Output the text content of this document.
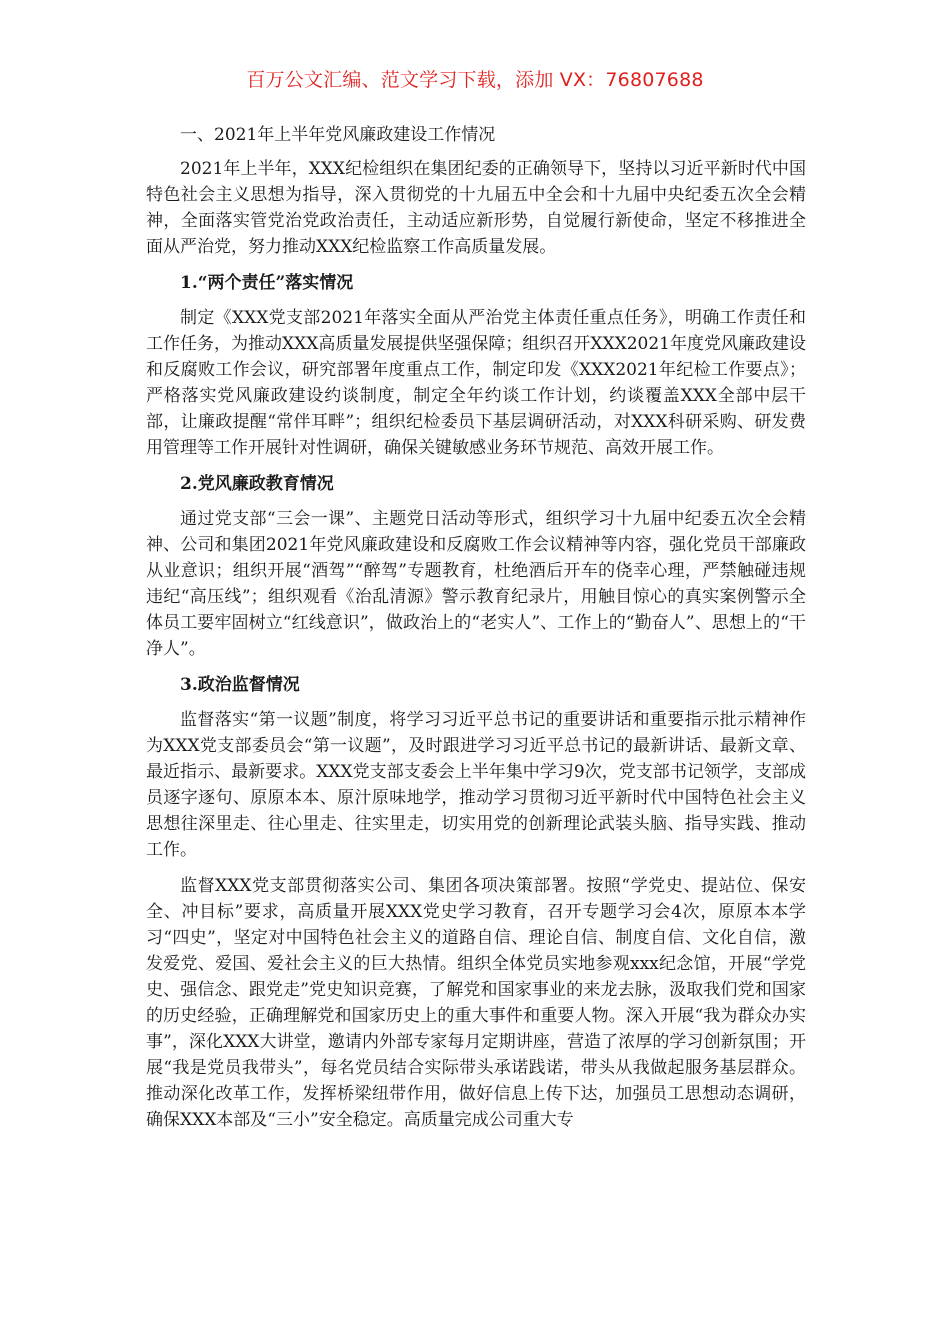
百万公文汇编、范文学习下载，添加 VX：76807688

一、2021年上半年党风廉政建设工作情况

2021年上半年，XXX纪检组织在集团纪委的正确领导下，坚持以习近平新时代中国特色社会主义思想为指导，深入贯彻党的十九届五中全会和十九届中央纪委五次全会精神，全面落实管党治党政治责任，主动适应新形势，自觉履行新使命，坚定不移推进全面从严治党，努力推动XXX纪检监察工作高质量发展。

1.“两个责任”落实情况

制定《XXX党支部2021年落实全面从严治党主体责任重点任务》，明确工作责任和工作任务，为推动XXX高质量发展提供坚强保障；组织召开XXX2021年度党风廉政建设和反腐败工作会议，研究部署年度重点工作，制定印发《XXX2021年纪检工作要点》；严格落实党风廉政建设约谈制度，制定全年约谈工作计划，约谈覆盖XXX全部中层干部，让廉政提醒“常伴耳畔”；组织纪检委员下基层调研活动，对XXX科研采购、研发费用管理等工作开展针对性调研，确保关键敏感业务环节规范、高效开展工作。

2.党风廉政教育情况

通过党支部“三会一课”、主题党日活动等形式，组织学习十九届中纪委五次全会精神、公司和集团2021年党风廉政建设和反腐败工作会议精神等内容，强化党员干部廉政从业意识；组织开展“酒驾”“醉驾”专题教育，杜绝酒后开车的侥幸心理，严禁触碰违规违纪“高压线”；组织观看《治乱清源》警示教育纪录片，用触目惊心的真实案例警示全体员工要牢固树立“红线意识”，做政治上的“老实人”、工作上的“勤奋人”、思想上的“干净人”。

3.政治监督情况

监督落实“第一议题”制度，将学习习近平总书记的重要讲话和重要指示批示精神作为XXX党支部委员会“第一议题”，及时跟进学习习近平总书记的最新讲话、最新文章、最近指示、最新要求。XXX党支部支委会上半年集中学习9次，党支部书记领学，支部成员逐字逐句、原原本本、原汁原味地学，推动学习贯彻习近平新时代中国特色社会主义思想往深里走、往心里走、往实里走，切实用党的创新理论武装头脑、指导实践、推动工作。

监督XXX党支部贯彻落实公司、集团各项决策部署。按照“学党史、提站位、保安全、冲目标”要求，高质量开展XXX党史学习教育，召开专题学习会4次，原原本本学习“四史”，坚定对中国特色社会主义的道路自信、理论自信、制度自信、文化自信，激发爱党、爱国、爱社会主义的巨大热情。组织全体党员实地参观xxx纪念馆，开展“学党史、强信念、跟党走”党史知识竞赛，了解党和国家事业的来龙去脉，汲取我们党和国家的历史经验，正确理解党和国家历史上的重大事件和重要人物。深入开展“我为群众办实事”，深化XXX大讲堂，邀请内外部专家每月定期讲座，营造了浓厚的学习创新氛围；开展“我是党员我带头”，每名党员结合实际带头承诺践诺，带头从我做起服务基层群众。推动深化改革工作，发挥桥梁纽带作用，做好信息上传下达，加强员工思想动态调研，确保XXX本部及“三小”安全稳定。高质量完成公司重大专
